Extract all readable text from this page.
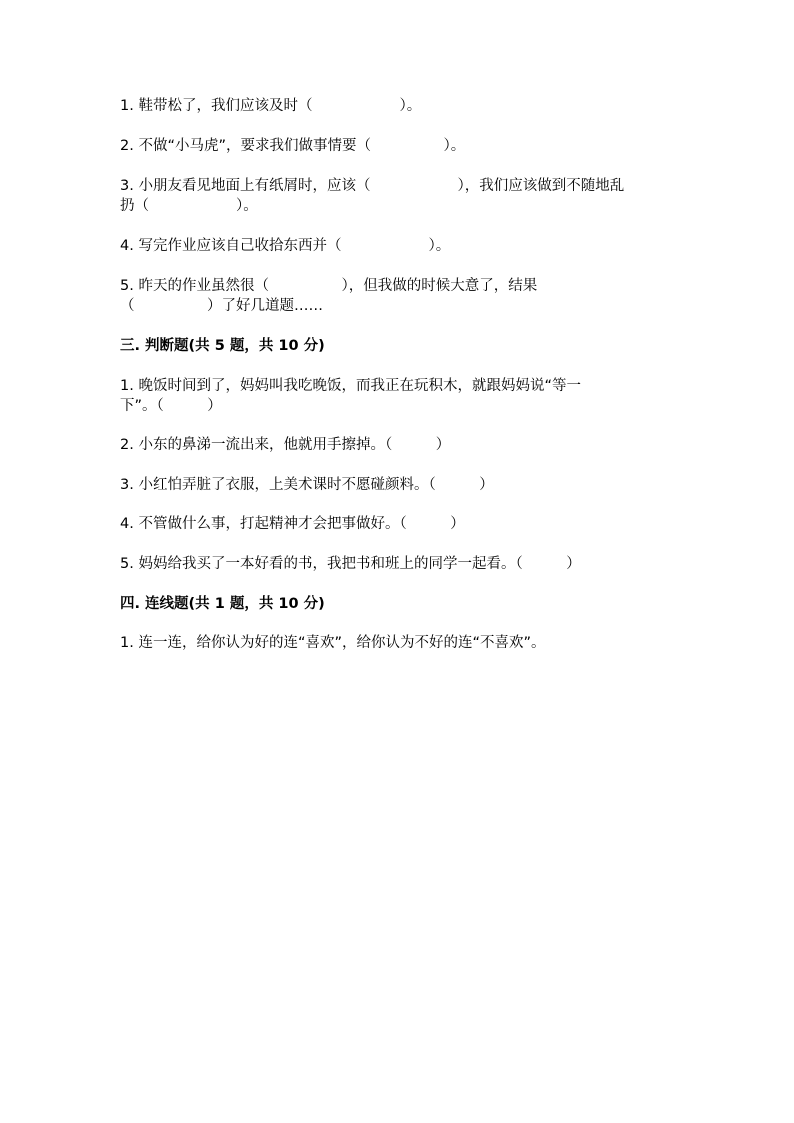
1. 鞋带松了，我们应该及时（　　　　　　）。
2. 不做“小马虎”，要求我们做事情要（　　　　　）。
3. 小朋友看见地面上有纸屑时，应该（　　　　　　），我们应该做到不随地乱
扔（　　　　　　）。
4. 写完作业应该自己收拾东西并（　　　　　　）。
5. 昨天的作业虽然很（　　　　　），但我做的时候大意了，结果
（　　　　　）了好几道题……
三. 判断题(共 5 题，共 10 分)
1. 晚饭时间到了，妈妈叫我吃晚饭，而我正在玩积木，就跟妈妈说“等一
下”。（　　　）
2. 小东的鼻涕一流出来，他就用手擦掉。（　　　）
3. 小红怕弄脏了衣服，上美术课时不愿碰颜料。（　　　）
4. 不管做什么事，打起精神才会把事做好。（　　　）
5. 妈妈给我买了一本好看的书，我把书和班上的同学一起看。（　　　）
四. 连线题(共 1 题，共 10 分)
1. 连一连，给你认为好的连“喜欢”，给你认为不好的连“不喜欢”。
